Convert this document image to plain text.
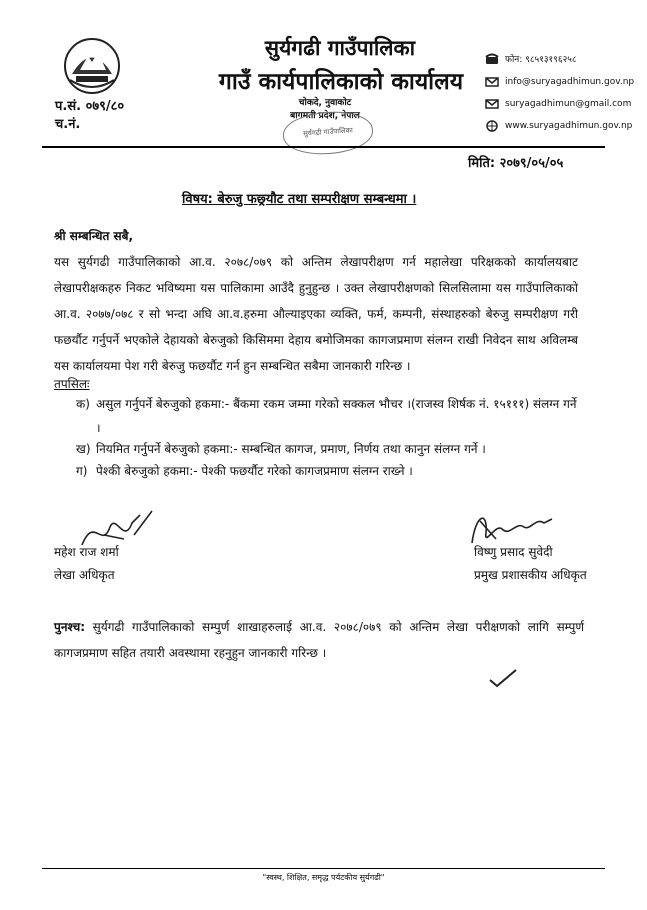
सुर्यगढी गाउँपालिका
गाउँ कार्यपालिकाको कार्यालय
प.सं. ०७९/८०
च.नं.
चोकदे, नुवाकोट
बागमती प्रदेश, नेपाल
सुर्यगढी गाउँपालिका
फोन: ९८५१३१९६२५८
info@suryagadhimun.gov.np
suryagadhimun@gmail.com
www.suryagadhimun.gov.np
मिति: २०७९/०५/०५
विषय: बेरुजु फछ्र्यौट तथा सम्परीक्षण सम्बन्धमा ।
श्री सम्बन्धित सबै,
यस सुर्यगढी गाउँपालिकाको आ.व. २०७८/०७९ को अन्तिम लेखापरीक्षण गर्न महालेखा परिक्षकको कार्यालयबाट लेखापरीक्षकहरु निकट भविष्यमा यस पालिकामा आउँदै हुनुहुन्छ । उक्त लेखापरीक्षणको सिलसिलामा यस गाउँपालिकाको आ.व. २०७७/०७८ र सो भन्दा अघि आ.व.हरुमा औल्याइएका व्यक्ति, फर्म, कम्पनी, संस्थाहरुको बेरुजु सम्परीक्षण गरी फछर्यौट गर्नुपर्ने भएकोले देहायको बेरुजुको किसिममा देहाय बमोजिमका कागजप्रमाण संलग्न राखी निवेदन साथ अविलम्ब यस कार्यालयमा पेश गरी बेरुजु फछर्यौट गर्न हुन सम्बन्धित सबैमा जानकारी गरिन्छ ।
तपसिलः
क) असुल गर्नुपर्ने बेरुजुको हकमा:- बैंकमा रकम जम्मा गरेको सक्कल भौचर ।(राजस्व शिर्षक नं. १५१११) संलग्न गर्ने ।
ख) नियमित गर्नुपर्ने बेरुजुको हकमा:- सम्बन्धित कागज, प्रमाण, निर्णय तथा कानुन संलग्न गर्ने ।
ग) पेश्की बेरुजुको हकमा:- पेश्की फछर्यौट गरेको कागजप्रमाण संलग्न राख्ने ।
महेश राज शर्मा
लेखा अधिकृत
विष्णु प्रसाद सुवेदी
प्रमुख प्रशासकीय अधिकृत
पुनश्च: सुर्यगढी गाउँपालिकाको सम्पुर्ण शाखाहरुलाई आ.व. २०७८/०७९ को अन्तिम लेखा परीक्षणको लागि सम्पुर्ण कागजप्रमाण सहित तयारी अवस्थामा रहनुहुन जानकारी गरिन्छ ।
"स्वस्थ, शिक्षित, समृद्ध पर्यटकीय सुर्यगढी"
